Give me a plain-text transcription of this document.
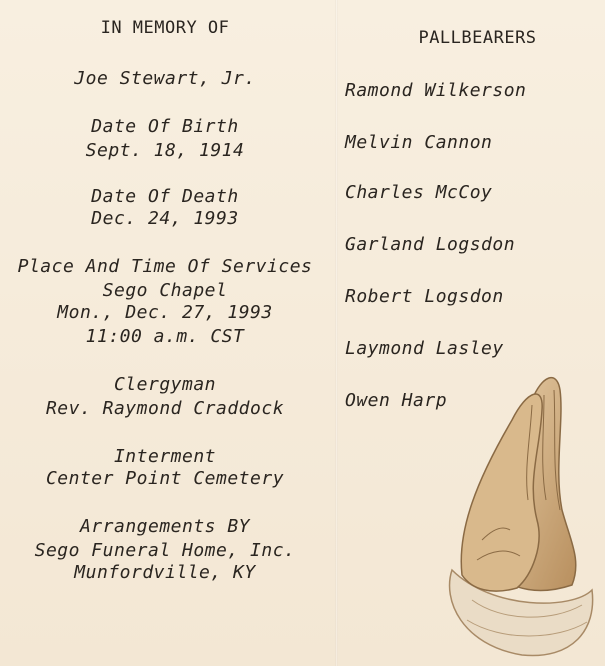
IN MEMORY OF
Joe Stewart, Jr.
Date Of Birth
Sept. 18, 1914
Date Of Death
Dec. 24, 1993
Place And Time Of Services
Sego Chapel
Mon., Dec. 27, 1993
11:00 a.m. CST
Clergyman
Rev. Raymond Craddock
Interment
Center Point Cemetery
Arrangements BY
Sego Funeral Home, Inc.
Munfordville, KY
PALLBEARERS
Ramond Wilkerson
Melvin Cannon
Charles McCoy
Garland Logsdon
Robert Logsdon
Laymond Lasley
Owen Harp
